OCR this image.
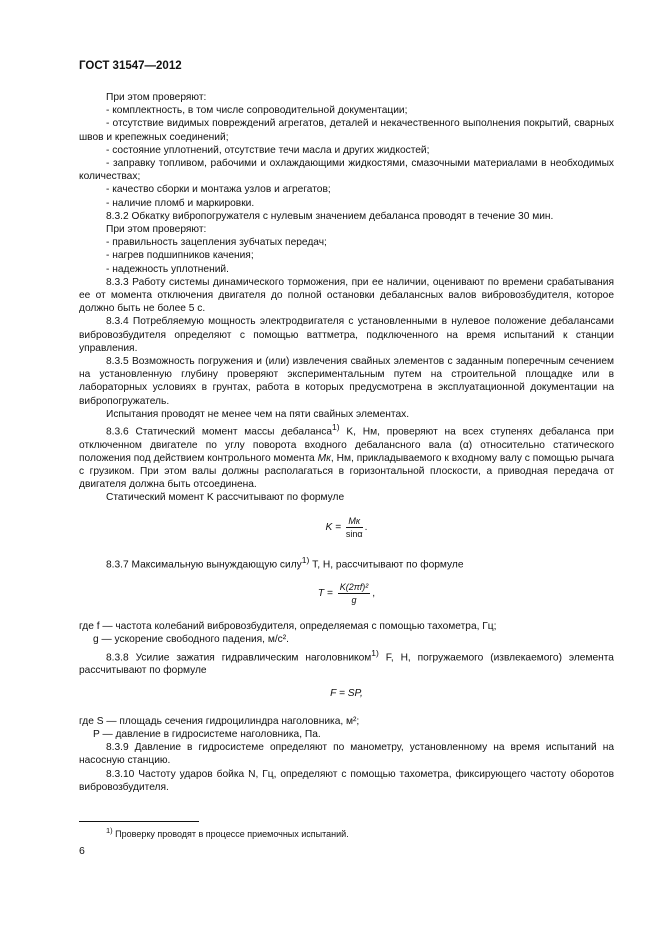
ГОСТ 31547—2012

При этом проверяют:

- комплектность, в том числе сопроводительной документации;

- отсутствие видимых повреждений агрегатов, деталей и некачественного выполнения покрытий, сварных швов и крепежных соединений;

- состояние уплотнений, отсутствие течи масла и других жидкостей;

- заправку топливом, рабочими и охлаждающими жидкостями, смазочными материалами в необходимых количествах;

- качество сборки и монтажа узлов и агрегатов;

- наличие пломб и маркировки.

8.3.2 Обкатку вибропогружателя с нулевым значением дебаланса проводят в течение 30 мин.

При этом проверяют:

- правильность зацепления зубчатых передач;

- нагрев подшипников качения;

- надежность уплотнений.

8.3.3 Работу системы динамического торможения, при ее наличии, оценивают по времени срабатывания ее от момента отключения двигателя до полной остановки дебалансных валов вибровозбудителя, которое должно быть не более 5 с.

8.3.4 Потребляемую мощность электродвигателя с установленными в нулевое положение дебалансами вибровозбудителя определяют с помощью ваттметра, подключенного на время испытаний к станции управления.

8.3.5 Возможность погружения и (или) извлечения свайных элементов с заданным поперечным сечением на установленную глубину проверяют экспериментальным путем на строительной площадке или в лабораторных условиях в грунтах, работа в которых предусмотрена в эксплуатационной документации на вибропогружатель.

Испытания проводят не менее чем на пяти свайных элементах.

8.3.6 Статический момент массы дебаланса$^{1)}$ K, Нм, проверяют на всех ступенях дебаланса при отключенном двигателе по углу поворота входного дебалансного вала (α) относительно статического положения под действием контрольного момента Mк, Нм, прикладываемого к входному валу с помощью рычага с грузиком. При этом валы должны располагаться в горизонтальной плоскости, а приводная передача от двигателя должна быть отсоединена.

Статический момент K рассчитывают по формуле

$K = \frac{Mк}{\sin\alpha}$ .

8.3.7 Максимальную вынуждающую силу$^{1)}$ T, Н, рассчитывают по формуле

$T = \frac{\text{K(2πf)²}}{g}$ ,

где f — частота колебаний вибровозбудителя, определяемая с помощью тахометра, Гц;

g — ускорение свободного падения, м/с².

8.3.8 Усилие зажатия гидравлическим наголовником$^{1)}$ F, Н, погружаемого (извлекаемого) элемента рассчитывают по формуле

F = SP,

где S — площадь сечения гидроцилиндра наголовника, м²;

P — давление в гидросистеме наголовника, Па.

8.3.9 Давление в гидросистеме определяют по манометру, установленному на время испытаний на насосную станцию.

8.3.10 Частоту ударов бойка N, Гц, определяют с помощью тахометра, фиксирующего частоту оборотов вибровозбудителя.

$^{1)}$ Проверку проводят в процессе приемочных испытаний.
6
